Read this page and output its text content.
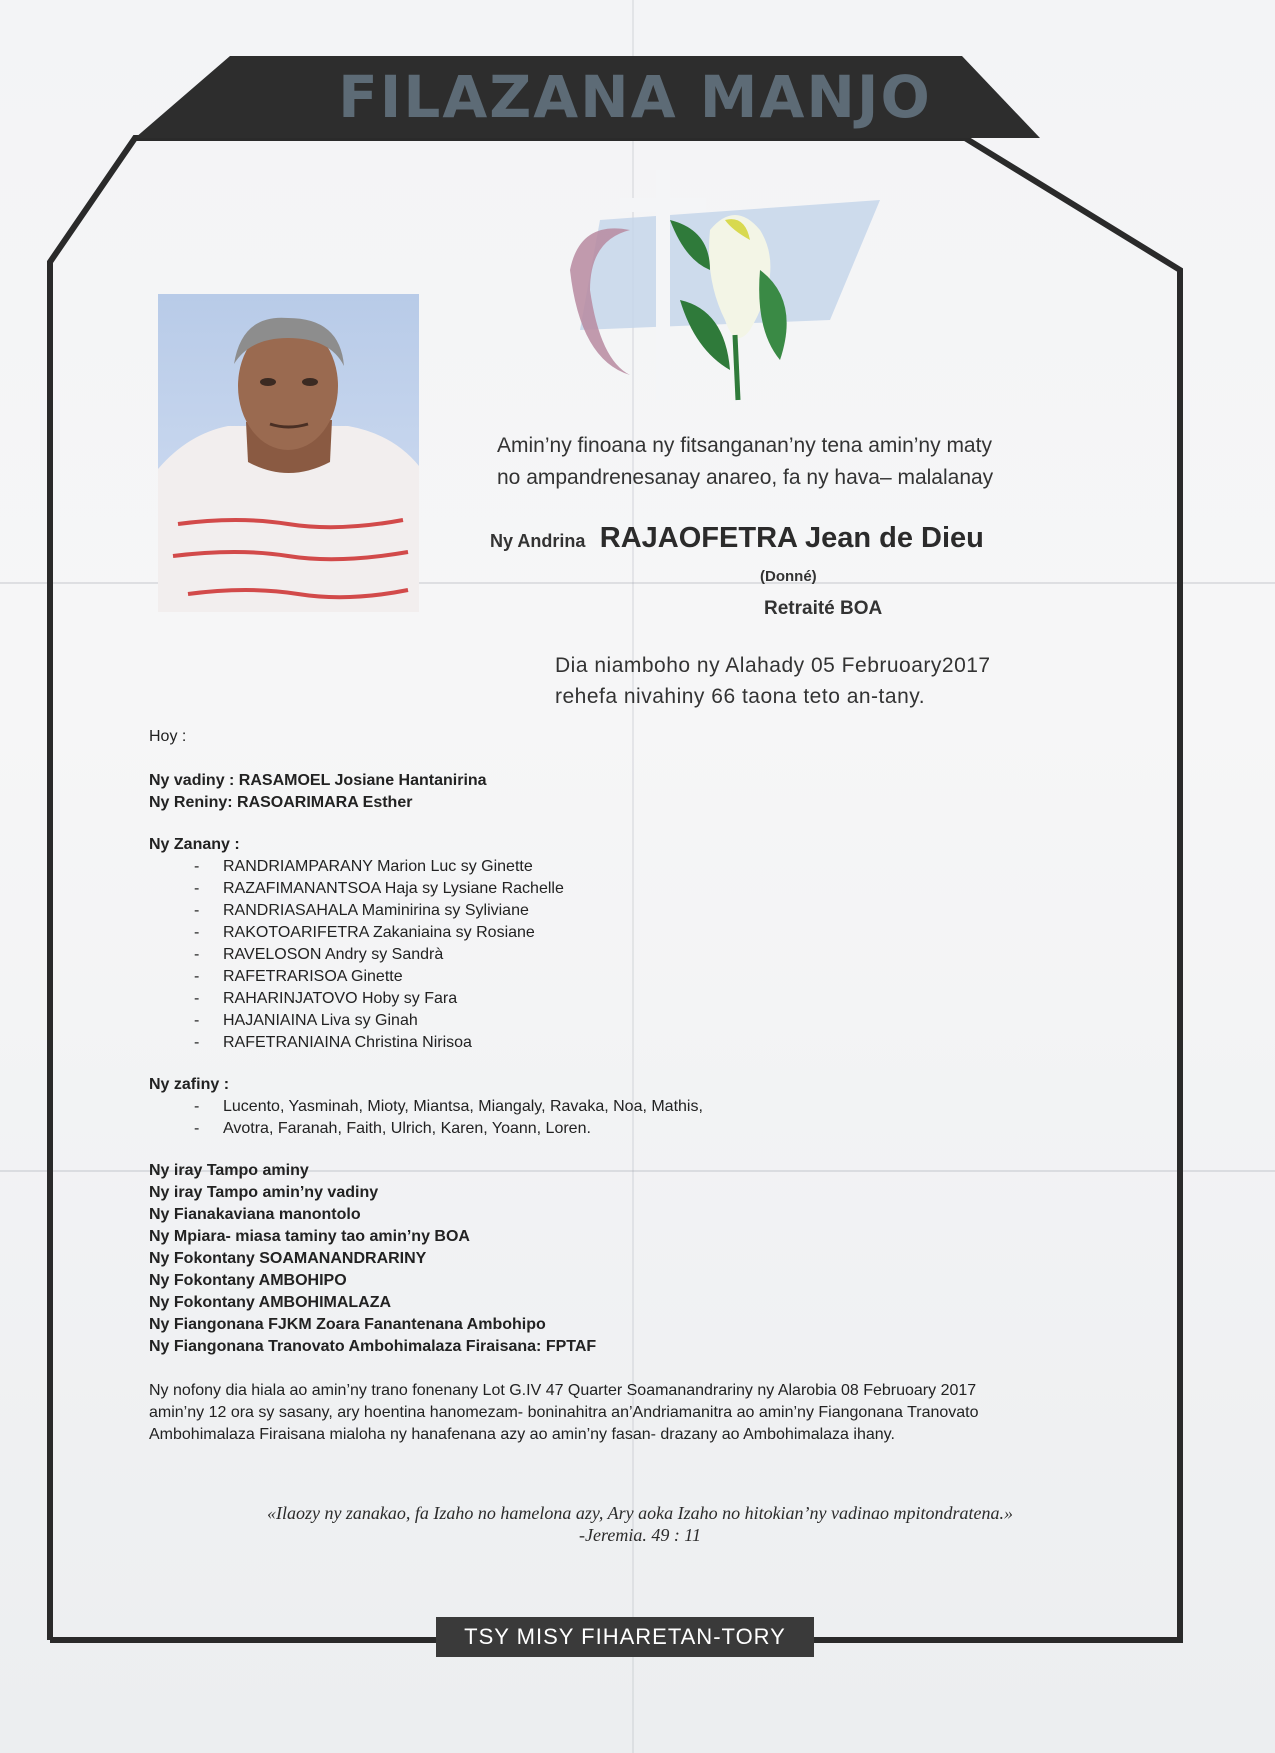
FILAZANA MANJO
Amin’ny finoana ny fitsanganan’ny tena amin’ny maty
no ampandrenesanay anareo, fa ny hava– malalanay
Ny Andrina RAJAOFETRA Jean de Dieu
(Donné)
Retraité BOA
Dia niamboho ny Alahady 05 Februoary2017
rehefa nivahiny 66 taona teto an-tany.
Hoy :
Ny vadiny : RASAMOEL Josiane Hantanirina
Ny Reniny: RASOARIMARA Esther
Ny Zanany :
- RANDRIAMPARANY Marion Luc sy Ginette
- RAZAFIMANANTSOA Haja sy Lysiane Rachelle
- RANDRIASAHALA Maminirina sy Syliviane
- RAKOTOARIFETRA Zakaniaina sy Rosiane
- RAVELOSON Andry sy Sandrà
- RAFETRARISOA Ginette
- RAHARINJATOVO Hoby sy Fara
- HAJANIAINA Liva sy Ginah
- RAFETRANIAINA Christina Nirisoa
Ny zafiny :
- Lucento, Yasminah, Mioty, Miantsa, Miangaly, Ravaka, Noa, Mathis,
- Avotra, Faranah, Faith, Ulrich, Karen, Yoann, Loren.
Ny iray Tampo aminy
Ny iray Tampo amin’ny vadiny
Ny Fianakaviana manontolo
Ny Mpiara- miasa taminy tao amin’ny BOA
Ny Fokontany SOAMANANDRARINY
Ny Fokontany AMBOHIPO
Ny Fokontany AMBOHIMALAZA
Ny Fiangonana FJKM Zoara Fanantenana Ambohipo
Ny Fiangonana Tranovato Ambohimalaza Firaisana: FPTAF
Ny nofony dia hiala ao amin’ny trano fonenany Lot G.IV 47 Quarter Soamanandrariny ny Alarobia 08 Februoary 2017
amin’ny 12 ora sy sasany, ary hoentina hanomezam- boninahitra an’Andriamanitra ao amin’ny Fiangonana Tranovato
Ambohimalaza Firaisana mialoha ny hanafenana azy ao amin’ny fasan- drazany ao Ambohimalaza ihany.
«Ilaozy ny zanakao, fa Izaho no hamelona azy, Ary aoka Izaho no hitokian’ny vadinao mpitondratena.»
-Jeremia. 49 : 11
TSY MISY FIHARETAN-TORY
